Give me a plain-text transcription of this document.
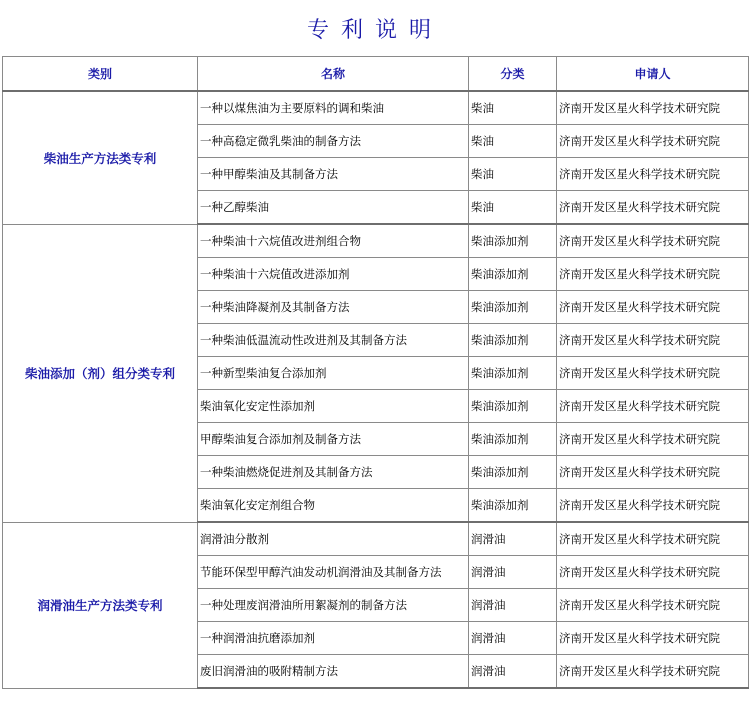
专利说明
类别	名称	分类	申请人
柴油生产方法类专利	一种以煤焦油为主要原料的调和柴油	柴油	济南开发区星火科学技术研究院
	一种高稳定微乳柴油的制备方法	柴油	济南开发区星火科学技术研究院
	一种甲醇柴油及其制备方法	柴油	济南开发区星火科学技术研究院
	一种乙醇柴油	柴油	济南开发区星火科学技术研究院
柴油添加（剂）组分类专利	一种柴油十六烷值改进剂组合物	柴油添加剂	济南开发区星火科学技术研究院
	一种柴油十六烷值改进添加剂	柴油添加剂	济南开发区星火科学技术研究院
	一种柴油降凝剂及其制备方法	柴油添加剂	济南开发区星火科学技术研究院
	一种柴油低温流动性改进剂及其制备方法	柴油添加剂	济南开发区星火科学技术研究院
	一种新型柴油复合添加剂	柴油添加剂	济南开发区星火科学技术研究院
	柴油氧化安定性添加剂	柴油添加剂	济南开发区星火科学技术研究院
	甲醇柴油复合添加剂及制备方法	柴油添加剂	济南开发区星火科学技术研究院
	一种柴油燃烧促进剂及其制备方法	柴油添加剂	济南开发区星火科学技术研究院
	柴油氧化安定剂组合物	柴油添加剂	济南开发区星火科学技术研究院
润滑油生产方法类专利	润滑油分散剂	润滑油	济南开发区星火科学技术研究院
	节能环保型甲醇汽油发动机润滑油及其制备方法	润滑油	济南开发区星火科学技术研究院
	一种处理废润滑油所用絮凝剂的制备方法	润滑油	济南开发区星火科学技术研究院
	一种润滑油抗磨添加剂	润滑油	济南开发区星火科学技术研究院
	废旧润滑油的吸附精制方法	润滑油	济南开发区星火科学技术研究院
